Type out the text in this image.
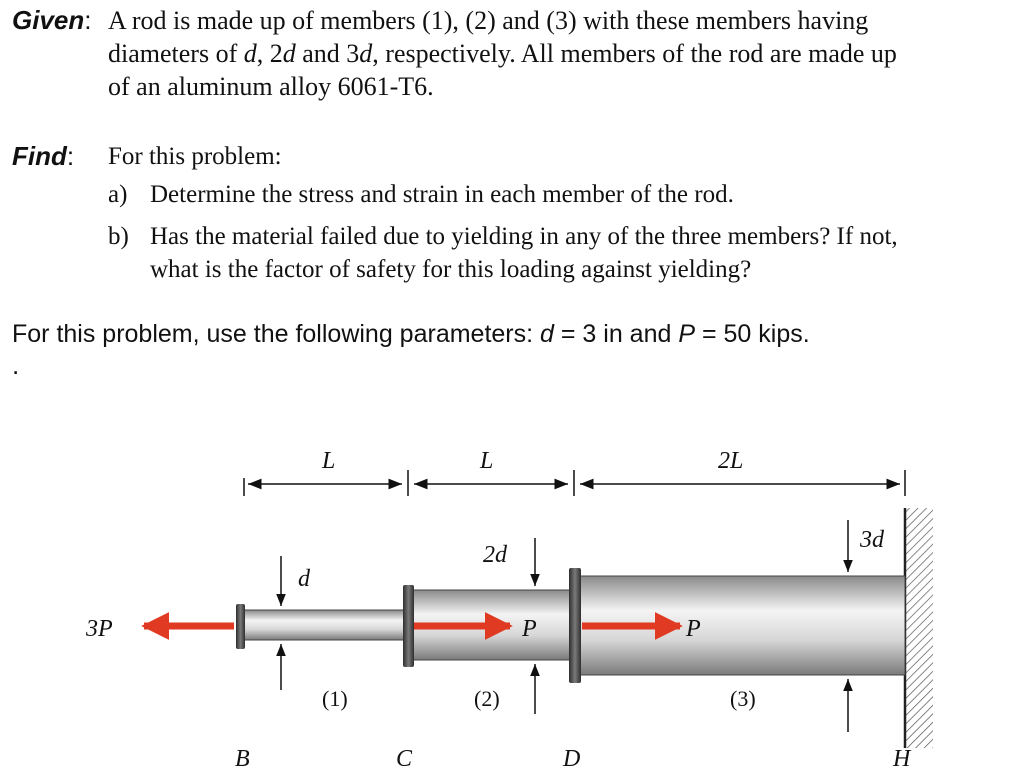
Given: A rod is made up of members (1), (2) and (3) with these members having
diameters of d, 2d and 3d, respectively. All members of the rod are made up
of an aluminum alloy 6061-T6.
Find: For this problem:
a) Determine the stress and strain in each member of the rod.
b) Has the material failed due to yielding in any of the three members? If not,
what is the factor of safety for this loading against yielding?
For this problem, use the following parameters: d = 3 in and P = 50 kips.
.
L	L	2L
d
2d
3d
3P	P	P
(1)	(2)	(3)
B	C	D	H
